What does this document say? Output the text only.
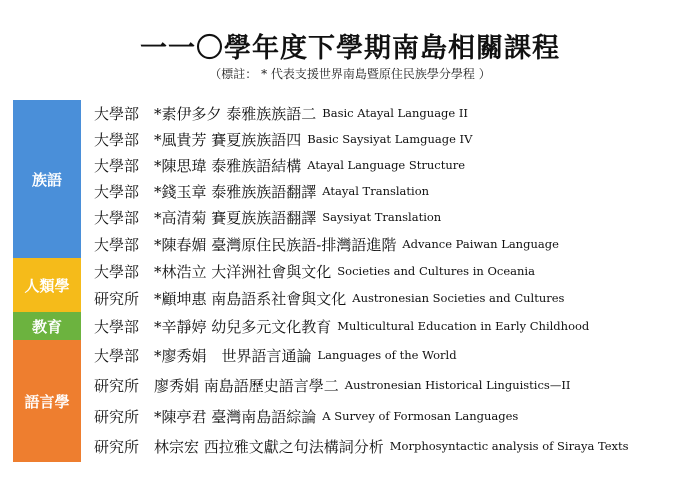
一一〇學年度下學期南島相關課程
（標註： * 代表支援世界南島暨原住民族學分學程 ）
族語
人類學
教育
語言學
大學部　*素伊多夕 泰雅族族語二 Basic Atayal Language II
大學部　*風貴芳 賽夏族族語四 Basic Saysiyat Lamguage IV
大學部　*陳思瑋 泰雅族語結構 Atayal Language Structure
大學部　*錢玉章 泰雅族族語翻譯 Atayal Translation
大學部　*高清菊 賽夏族族語翻譯 Saysiyat Translation
大學部　*陳春媚 臺灣原住民族語-排灣語進階 Advance Paiwan Language
大學部　*林浩立 大洋洲社會與文化 Societies and Cultures in Oceania
研究所　*顧坤惠 南島語系社會與文化 Austronesian Societies and Cultures
大學部　*辛靜婷 幼兒多元文化教育 Multicultural Education in Early Childhood
大學部　*廖秀娟　世界語言通論 Languages of the World
研究所　廖秀娟 南島語歷史語言學二 Austronesian Historical Linguistics—II
研究所　*陳亭君 臺灣南島語綜論 A Survey of Formosan Languages
研究所　林宗宏 西拉雅文獻之句法構詞分析 Morphosyntactic analysis of Siraya Texts
